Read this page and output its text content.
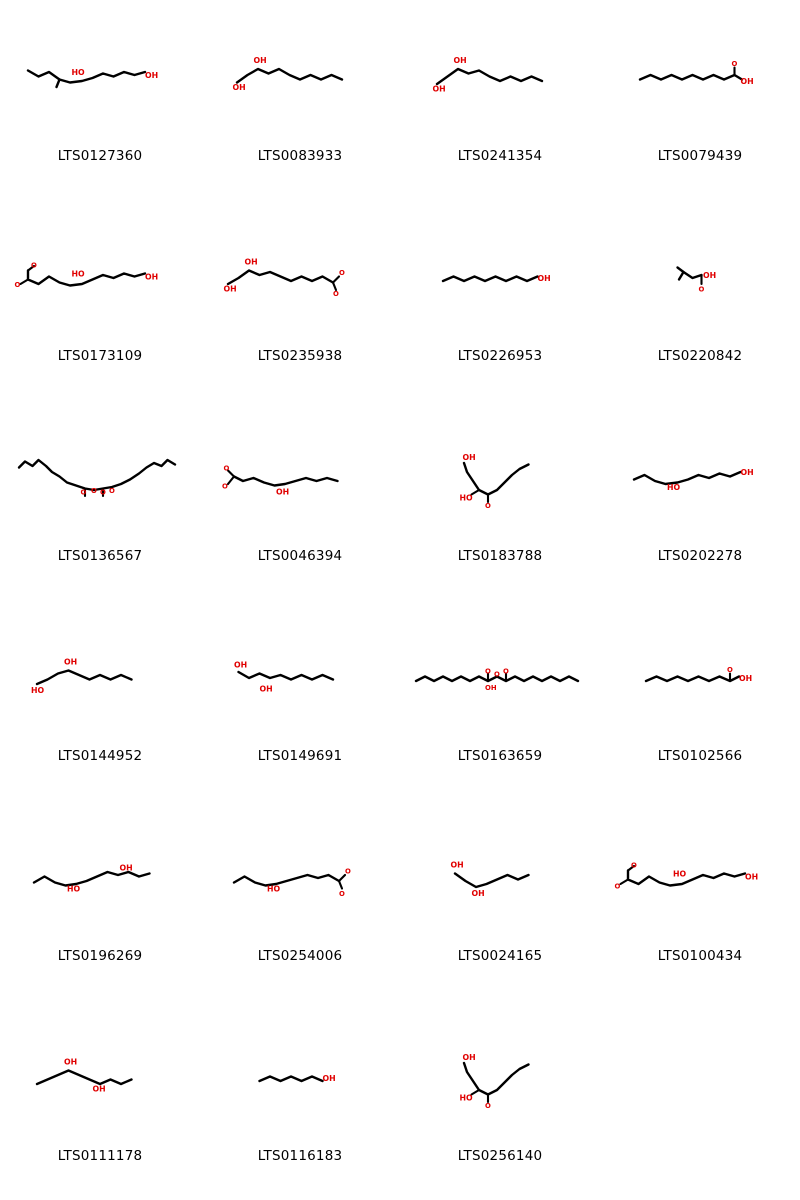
HO	OH
LTS0127360
OH
OH
LTS0083933
OH
OH
LTS0241354
O
OH
LTS0079439
O
O
HO	OH
LTS0173109
OH
OH
O
O
LTS0235938
OH
LTS0226953
OH
O
LTS0220842
O O O O
LTS0136567
O
O
OH
LTS0046394
OH
HO
O
LTS0183788
HO
OH
LTS0202278
OH
HO
LTS0144952
OH
OH
LTS0149691
O O O
OH
LTS0163659
O
OH
LTS0102566
HO
OH
LTS0196269
HO
O
O
LTS0254006
OH
OH
LTS0024165
O
O
HO	OH
LTS0100434
OH
OH
LTS0111178
OH
LTS0116183
OH
HO
O
LTS0256140
